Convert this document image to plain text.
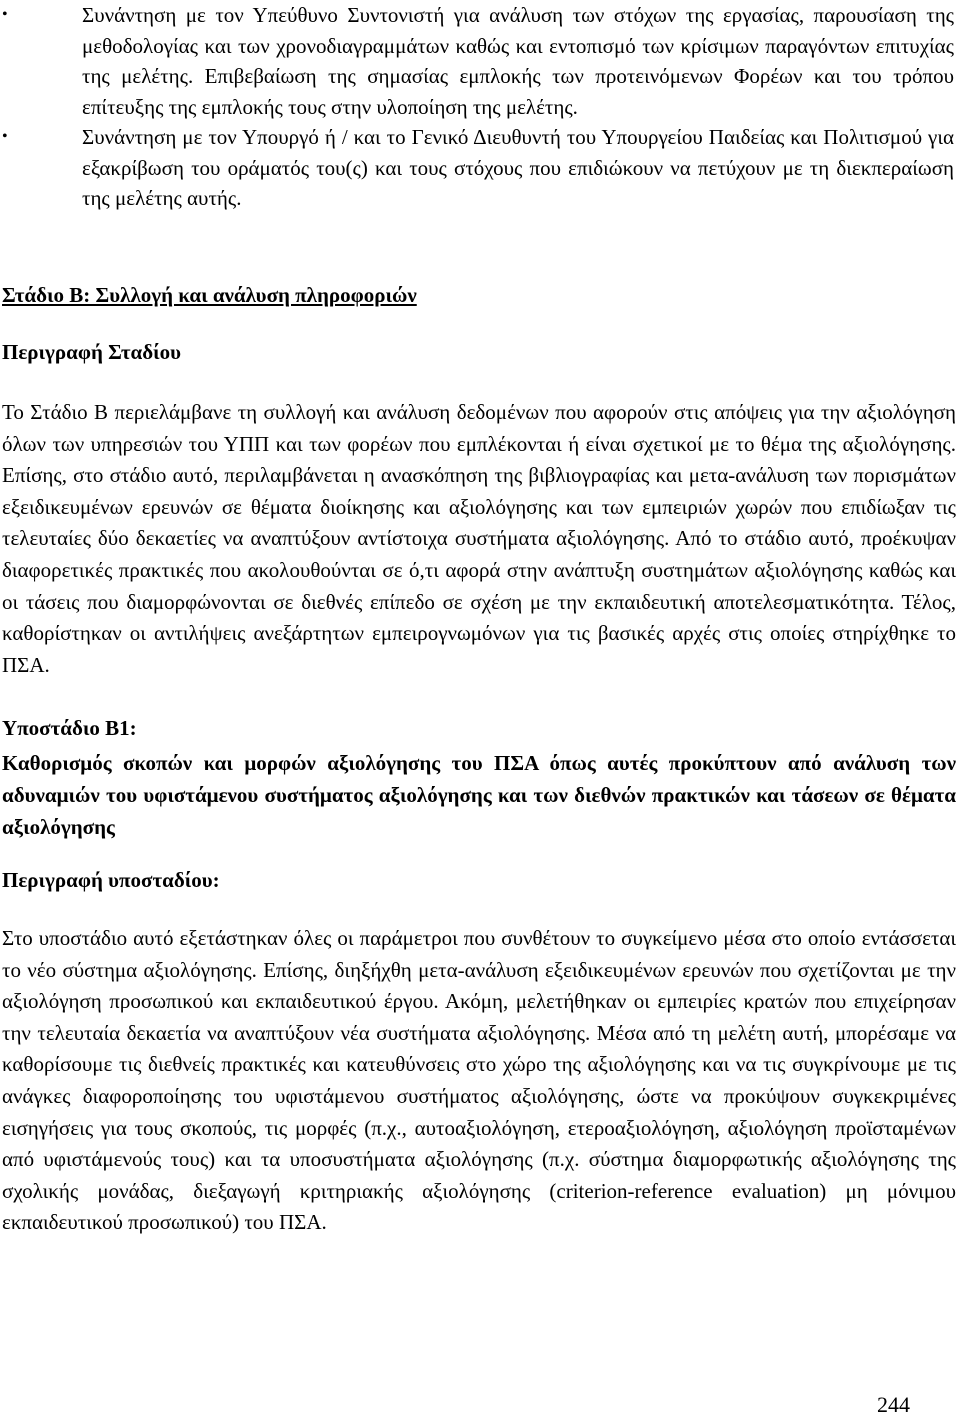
•	Συνάντηση με τον Υπεύθυνο Συντονιστή για ανάλυση των στόχων της εργασίας, παρουσίαση της μεθοδολογίας και των χρονοδιαγραμμάτων καθώς και εντοπισμό των κρίσιμων παραγόντων επιτυχίας της μελέτης. Επιβεβαίωση της σημασίας εμπλοκής των προτεινόμενων Φορέων και του τρόπου επίτευξης της εμπλοκής τους στην υλοποίηση της μελέτης.
•	Συνάντηση με τον Υπουργό ή / και το Γενικό Διευθυντή του Υπουργείου Παιδείας και Πολιτισμού για εξακρίβωση του οράματός του(ς) και τους στόχους που επιδιώκουν να πετύχουν με τη διεκπεραίωση της μελέτης αυτής.
Στάδιο Β: Συλλογή και ανάλυση πληροφοριών
Περιγραφή Σταδίου

Το Στάδιο Β περιελάμβανε τη συλλογή και ανάλυση δεδομένων που αφορούν στις απόψεις για την αξιολόγηση όλων των υπηρεσιών του ΥΠΠ και των φορέων που εμπλέκονται ή είναι σχετικοί με το θέμα της αξιολόγησης. Επίσης, στο στάδιο αυτό, περιλαμβάνεται η ανασκόπηση της βιβλιογραφίας και μετα-ανάλυση των πορισμάτων εξειδικευμένων ερευνών σε θέματα διοίκησης και αξιολόγησης και των εμπειριών χωρών που επιδίωξαν τις τελευταίες δύο δεκαετίες να αναπτύξουν αντίστοιχα συστήματα αξιολόγησης. Από το στάδιο αυτό, προέκυψαν διαφορετικές πρακτικές που ακολουθούνται σε ό,τι αφορά στην ανάπτυξη συστημάτων αξιολόγησης καθώς και οι τάσεις που διαμορφώνονται σε διεθνές επίπεδο σε σχέση με την εκπαιδευτική αποτελεσματικότητα. Τέλος, καθορίστηκαν οι αντιλήψεις ανεξάρτητων εμπειρογνωμόνων για τις βασικές αρχές στις οποίες στηρίχθηκε το ΠΣΑ.

Υποστάδιο Β1:

Καθορισμός σκοπών και μορφών αξιολόγησης του ΠΣΑ όπως αυτές προκύπτουν από ανάλυση των αδυναμιών του υφιστάμενου συστήματος αξιολόγησης και των διεθνών πρακτικών και τάσεων σε θέματα αξιολόγησης

Περιγραφή υποσταδίου:

Στο υποστάδιο αυτό εξετάστηκαν όλες οι παράμετροι που συνθέτουν το συγκείμενο μέσα στο οποίο εντάσσεται το νέο σύστημα αξιολόγησης. Επίσης, διηξήχθη μετα-ανάλυση εξειδικευμένων ερευνών που σχετίζονται με την αξιολόγηση προσωπικού και εκπαιδευτικού έργου. Ακόμη, μελετήθηκαν οι εμπειρίες κρατών που επιχείρησαν την τελευταία δεκαετία να αναπτύξουν νέα συστήματα αξιολόγησης. Μέσα από τη μελέτη αυτή, μπορέσαμε να καθορίσουμε τις διεθνείς πρακτικές και κατευθύνσεις στο χώρο της αξιολόγησης και να τις συγκρίνουμε με τις ανάγκες διαφοροποίησης του υφιστάμενου συστήματος αξιολόγησης, ώστε να προκύψουν συγκεκριμένες εισηγήσεις για τους σκοπούς, τις μορφές (π.χ., αυτοαξιολόγηση, ετεροαξιολόγηση, αξιολόγηση προϊσταμένων από υφιστάμενούς τους) και τα υποσυστήματα αξιολόγησης (π.χ. σύστημα διαμορφωτικής αξιολόγησης της σχολικής μονάδας, διεξαγωγή κριτηριακής αξιολόγησης (criterion-reference evaluation) μη μόνιμου εκπαιδευτικού προσωπικού) του ΠΣΑ.

244
